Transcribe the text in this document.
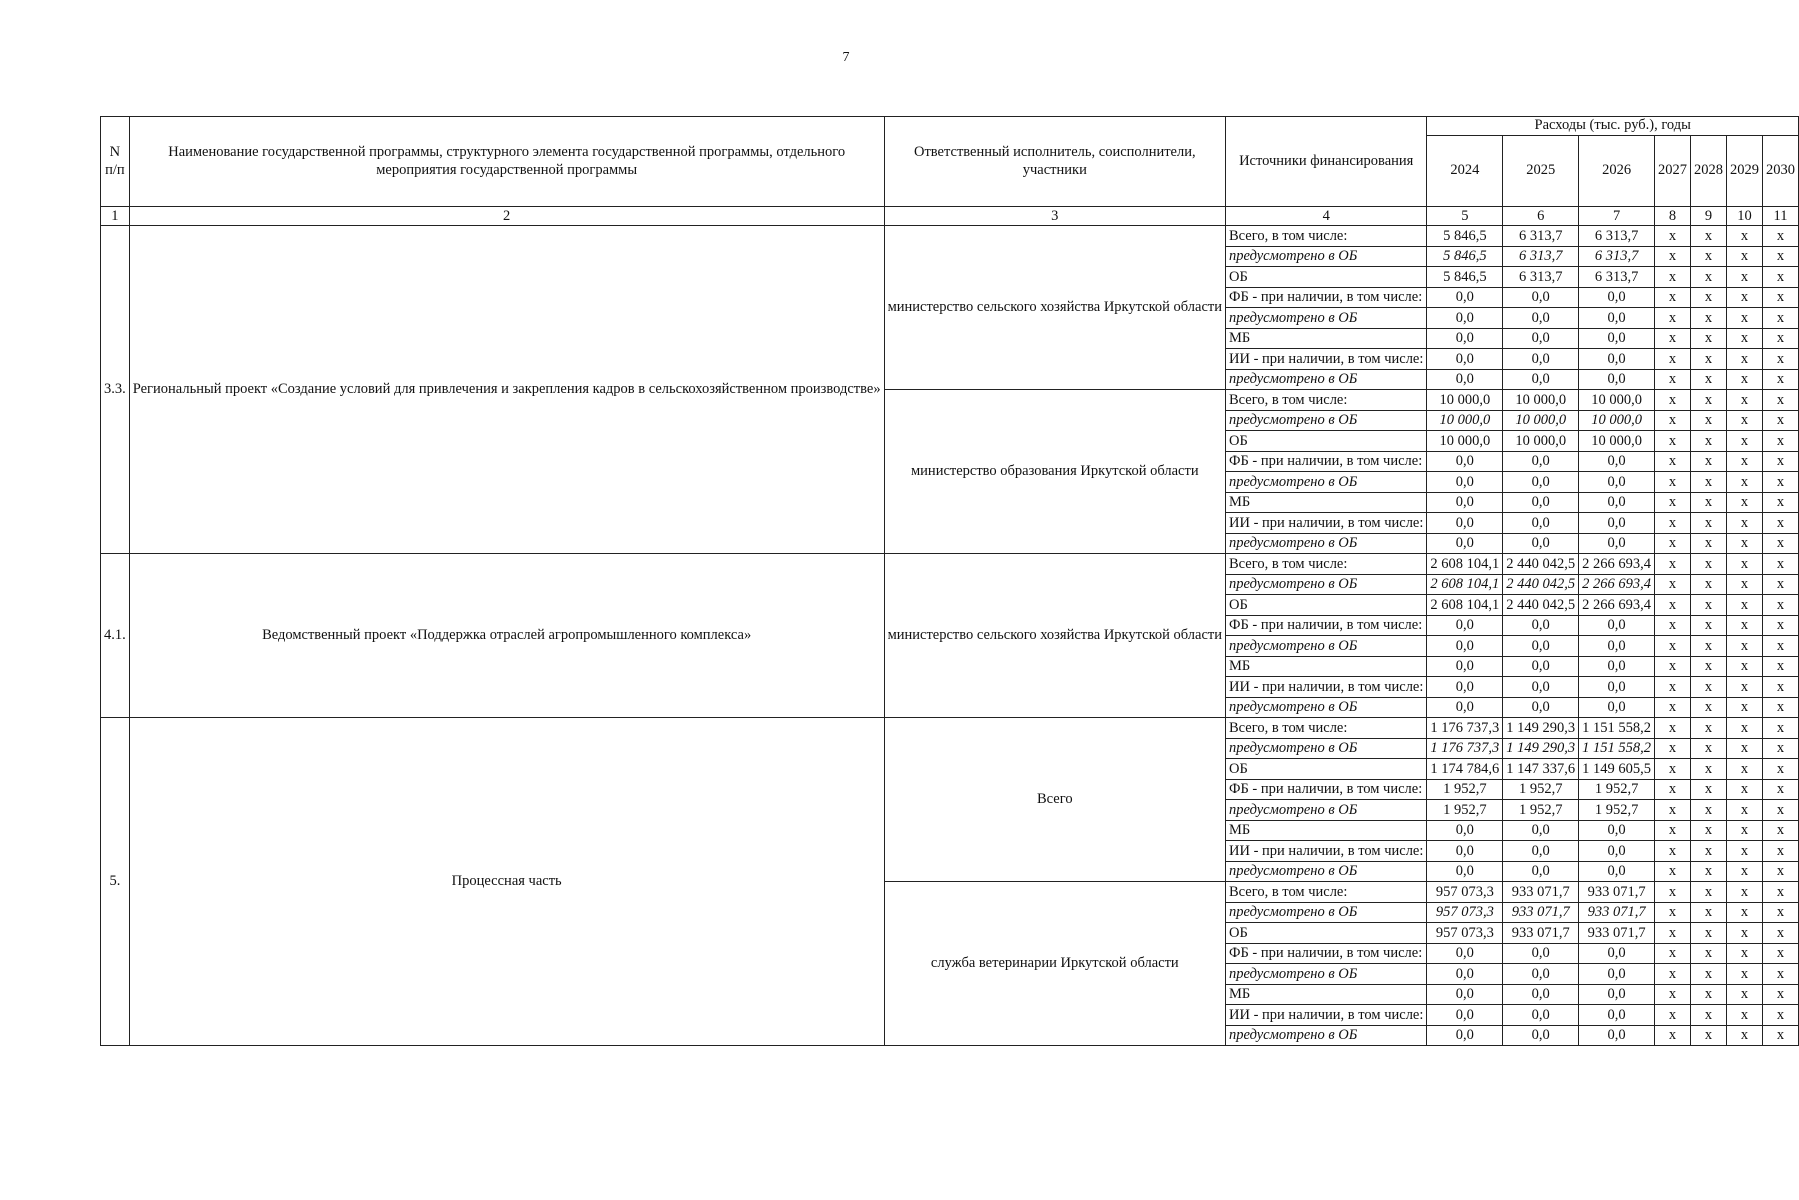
7
N п/п	Наименование государственной программы, структурного элемента государственной программы, отдельного мероприятия государственной программы	Ответственный исполнитель, соисполнители, участники	Источники финансирования	Расходы (тыс. руб.), годы						
				2024	2025	2026	2027	2028	2029	2030
1	2	3	4	5	6	7	8	9	10	11
3.3.	Региональный проект «Создание условий для привлечения и закрепления кадров в сельскохозяйственном производстве»	министерство сельского хозяйства Иркутской области	Всего, в том числе:	5 846,5	6 313,7	6 313,7	x	x	x	x
			предусмотрено в ОБ	5 846,5	6 313,7	6 313,7	x	x	x	x
			ОБ	5 846,5	6 313,7	6 313,7	x	x	x	x
			ФБ - при наличии, в том числе:	0,0	0,0	0,0	x	x	x	x
			предусмотрено в ОБ	0,0	0,0	0,0	x	x	x	x
			МБ	0,0	0,0	0,0	x	x	x	x
			ИИ - при наличии, в том числе:	0,0	0,0	0,0	x	x	x	x
			предусмотрено в ОБ	0,0	0,0	0,0	x	x	x	x
		министерство образования Иркутской области	Всего, в том числе:	10 000,0	10 000,0	10 000,0	x	x	x	x
			предусмотрено в ОБ	10 000,0	10 000,0	10 000,0	x	x	x	x
			ОБ	10 000,0	10 000,0	10 000,0	x	x	x	x
			ФБ - при наличии, в том числе:	0,0	0,0	0,0	x	x	x	x
			предусмотрено в ОБ	0,0	0,0	0,0	x	x	x	x
			МБ	0,0	0,0	0,0	x	x	x	x
			ИИ - при наличии, в том числе:	0,0	0,0	0,0	x	x	x	x
			предусмотрено в ОБ	0,0	0,0	0,0	x	x	x	x
4.1.	Ведомственный проект «Поддержка отраслей агропромышленного комплекса»	министерство сельского хозяйства Иркутской области	Всего, в том числе:	2 608 104,1	2 440 042,5	2 266 693,4	x	x	x	x
			предусмотрено в ОБ	2 608 104,1	2 440 042,5	2 266 693,4	x	x	x	x
			ОБ	2 608 104,1	2 440 042,5	2 266 693,4	x	x	x	x
			ФБ - при наличии, в том числе:	0,0	0,0	0,0	x	x	x	x
			предусмотрено в ОБ	0,0	0,0	0,0	x	x	x	x
			МБ	0,0	0,0	0,0	x	x	x	x
			ИИ - при наличии, в том числе:	0,0	0,0	0,0	x	x	x	x
			предусмотрено в ОБ	0,0	0,0	0,0	x	x	x	x
5.	Процессная часть	Всего	Всего, в том числе:	1 176 737,3	1 149 290,3	1 151 558,2	x	x	x	x
			предусмотрено в ОБ	1 176 737,3	1 149 290,3	1 151 558,2	x	x	x	x
			ОБ	1 174 784,6	1 147 337,6	1 149 605,5	x	x	x	x
			ФБ - при наличии, в том числе:	1 952,7	1 952,7	1 952,7	x	x	x	x
			предусмотрено в ОБ	1 952,7	1 952,7	1 952,7	x	x	x	x
			МБ	0,0	0,0	0,0	x	x	x	x
			ИИ - при наличии, в том числе:	0,0	0,0	0,0	x	x	x	x
			предусмотрено в ОБ	0,0	0,0	0,0	x	x	x	x
		служба ветеринарии Иркутской области	Всего, в том числе:	957 073,3	933 071,7	933 071,7	x	x	x	x
			предусмотрено в ОБ	957 073,3	933 071,7	933 071,7	x	x	x	x
			ОБ	957 073,3	933 071,7	933 071,7	x	x	x	x
			ФБ - при наличии, в том числе:	0,0	0,0	0,0	x	x	x	x
			предусмотрено в ОБ	0,0	0,0	0,0	x	x	x	x
			МБ	0,0	0,0	0,0	x	x	x	x
			ИИ - при наличии, в том числе:	0,0	0,0	0,0	x	x	x	x
			предусмотрено в ОБ	0,0	0,0	0,0	x	x	x	x
